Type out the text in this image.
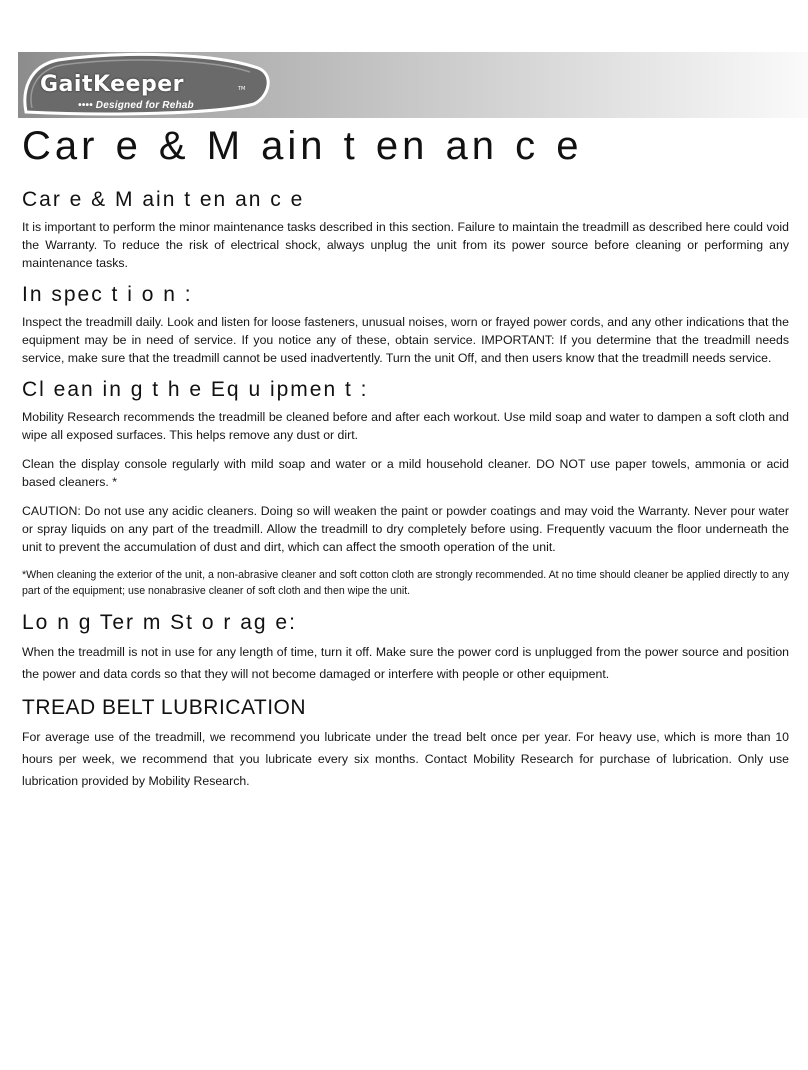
GaitKeeper	TM
•••• Designed for Rehab
Car e & M ain t en an c e
Car e & M ain t en an c e

It is important to perform the minor maintenance tasks described in this section. Failure to maintain the treadmill as described here could void the Warranty. To reduce the risk of electrical shock, always unplug the unit from its power source before cleaning or performing any maintenance tasks.

In spec t i o n :

Inspect the treadmill daily. Look and listen for loose fasteners, unusual noises, worn or frayed power cords, and any other indications that the equipment may be in need of service. If you notice any of these, obtain service. IMPORTANT: If you determine that the treadmill needs service, make sure that the treadmill cannot be used inadvertently. Turn the unit Off, and then users know that the treadmill needs service.

Cl ean in g t h e Eq u ipmen t :

Mobility Research recommends the treadmill be cleaned before and after each workout. Use mild soap and water to dampen a soft cloth and wipe all exposed surfaces. This helps remove any dust or dirt.

Clean the display console regularly with mild soap and water or a mild household cleaner. DO NOT use paper towels, ammonia or acid based cleaners. *

CAUTION: Do not use any acidic cleaners. Doing so will weaken the paint or powder coatings and may void the Warranty. Never pour water or spray liquids on any part of the treadmill. Allow the treadmill to dry completely before using. Frequently vacuum the floor underneath the unit to prevent the accumulation of dust and dirt, which can affect the smooth operation of the unit.

*When cleaning the exterior of the unit, a non-abrasive cleaner and soft cotton cloth are strongly recommended. At no time should cleaner be applied directly to any part of the equipment; use nonabrasive cleaner of soft cloth and then wipe the unit.

Lo n g Ter m St o r ag e:

When the treadmill is not in use for any length of time, turn it off. Make sure the power cord is unplugged from the power source and position the power and data cords so that they will not become damaged or interfere with people or other equipment.

TREAD BELT LUBRICATION

For average use of the treadmill, we recommend you lubricate under the tread belt once per year. For heavy use, which is more than 10 hours per week, we recommend that you lubricate every six months. Contact Mobility Research for purchase of lubrication. Only use lubrication provided by Mobility Research.
